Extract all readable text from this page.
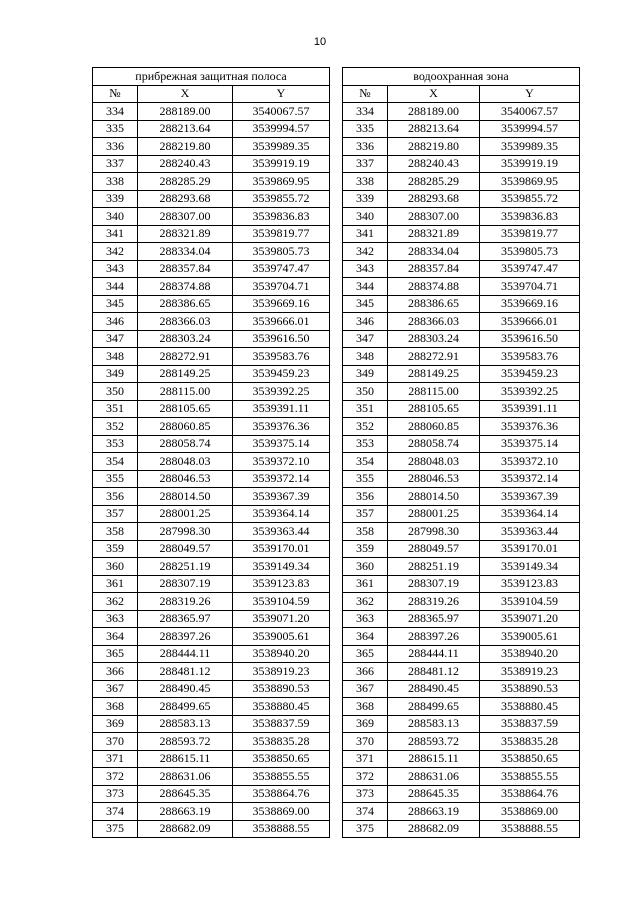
10
прибрежная защитная полоса		
№	X	Y
334	288189.00	3540067.57
335	288213.64	3539994.57
336	288219.80	3539989.35
337	288240.43	3539919.19
338	288285.29	3539869.95
339	288293.68	3539855.72
340	288307.00	3539836.83
341	288321.89	3539819.77
342	288334.04	3539805.73
343	288357.84	3539747.47
344	288374.88	3539704.71
345	288386.65	3539669.16
346	288366.03	3539666.01
347	288303.24	3539616.50
348	288272.91	3539583.76
349	288149.25	3539459.23
350	288115.00	3539392.25
351	288105.65	3539391.11
352	288060.85	3539376.36
353	288058.74	3539375.14
354	288048.03	3539372.10
355	288046.53	3539372.14
356	288014.50	3539367.39
357	288001.25	3539364.14
358	287998.30	3539363.44
359	288049.57	3539170.01
360	288251.19	3539149.34
361	288307.19	3539123.83
362	288319.26	3539104.59
363	288365.97	3539071.20
364	288397.26	3539005.61
365	288444.11	3538940.20
366	288481.12	3538919.23
367	288490.45	3538890.53
368	288499.65	3538880.45
369	288583.13	3538837.59
370	288593.72	3538835.28
371	288615.11	3538850.65
372	288631.06	3538855.55
373	288645.35	3538864.76
374	288663.19	3538869.00
375	288682.09	3538888.55
водоохранная зона		
№	X	Y
334	288189.00	3540067.57
335	288213.64	3539994.57
336	288219.80	3539989.35
337	288240.43	3539919.19
338	288285.29	3539869.95
339	288293.68	3539855.72
340	288307.00	3539836.83
341	288321.89	3539819.77
342	288334.04	3539805.73
343	288357.84	3539747.47
344	288374.88	3539704.71
345	288386.65	3539669.16
346	288366.03	3539666.01
347	288303.24	3539616.50
348	288272.91	3539583.76
349	288149.25	3539459.23
350	288115.00	3539392.25
351	288105.65	3539391.11
352	288060.85	3539376.36
353	288058.74	3539375.14
354	288048.03	3539372.10
355	288046.53	3539372.14
356	288014.50	3539367.39
357	288001.25	3539364.14
358	287998.30	3539363.44
359	288049.57	3539170.01
360	288251.19	3539149.34
361	288307.19	3539123.83
362	288319.26	3539104.59
363	288365.97	3539071.20
364	288397.26	3539005.61
365	288444.11	3538940.20
366	288481.12	3538919.23
367	288490.45	3538890.53
368	288499.65	3538880.45
369	288583.13	3538837.59
370	288593.72	3538835.28
371	288615.11	3538850.65
372	288631.06	3538855.55
373	288645.35	3538864.76
374	288663.19	3538869.00
375	288682.09	3538888.55
